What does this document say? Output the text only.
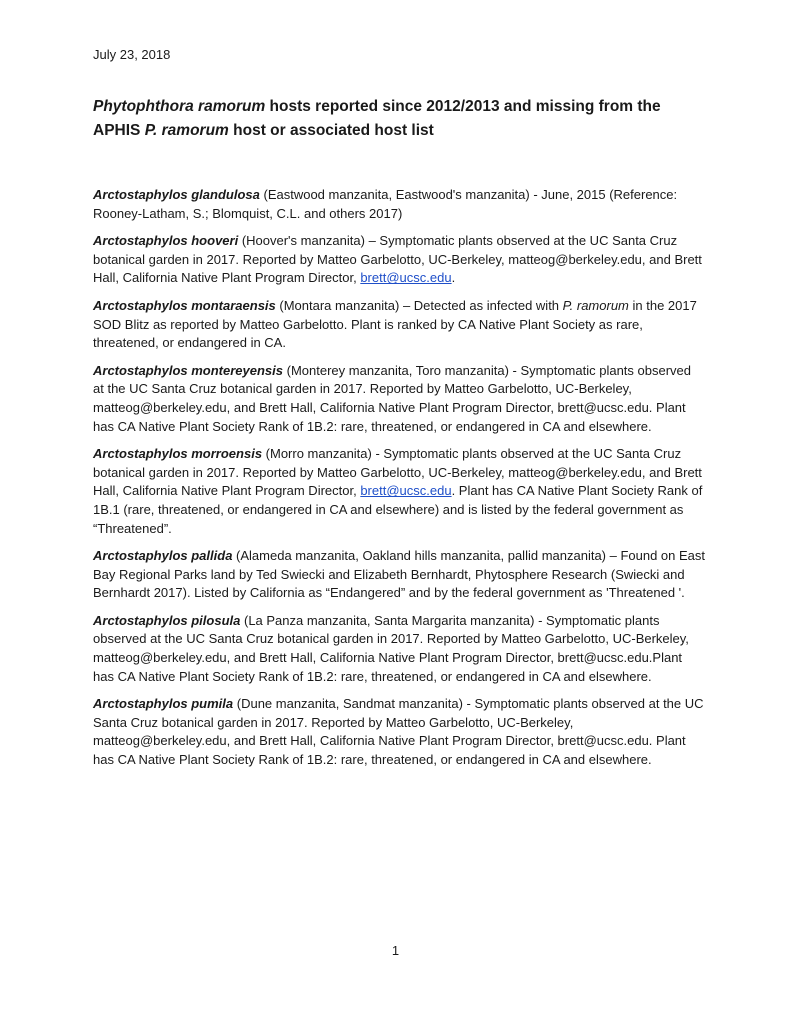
July 23, 2018
Phytophthora ramorum hosts reported since 2012/2013 and missing from the APHIS P. ramorum host or associated host list

Arctostaphylos glandulosa (Eastwood manzanita, Eastwood's manzanita) - June, 2015 (Reference: Rooney-Latham, S.; Blomquist, C.L. and others 2017)

Arctostaphylos hooveri (Hoover's manzanita) – Symptomatic plants observed at the UC Santa Cruz botanical garden in 2017. Reported by Matteo Garbelotto, UC-Berkeley, matteog@berkeley.edu, and Brett Hall, California Native Plant Program Director, brett@ucsc.edu.

Arctostaphylos montaraensis (Montara manzanita) – Detected as infected with P. ramorum in the 2017 SOD Blitz as reported by Matteo Garbelotto. Plant is ranked by CA Native Plant Society as rare, threatened, or endangered in CA.

Arctostaphylos montereyensis (Monterey manzanita, Toro manzanita) - Symptomatic plants observed at the UC Santa Cruz botanical garden in 2017. Reported by Matteo Garbelotto, UC-Berkeley, matteog@berkeley.edu, and Brett Hall, California Native Plant Program Director, brett@ucsc.edu. Plant has CA Native Plant Society Rank of 1B.2: rare, threatened, or endangered in CA and elsewhere.

Arctostaphylos morroensis (Morro manzanita) - Symptomatic plants observed at the UC Santa Cruz botanical garden in 2017. Reported by Matteo Garbelotto, UC-Berkeley, matteog@berkeley.edu, and Brett Hall, California Native Plant Program Director, brett@ucsc.edu. Plant has CA Native Plant Society Rank of 1B.1 (rare, threatened, or endangered in CA and elsewhere) and is listed by the federal government as “Threatened”.

Arctostaphylos pallida (Alameda manzanita, Oakland hills manzanita, pallid manzanita) – Found on East Bay Regional Parks land by Ted Swiecki and Elizabeth Bernhardt, Phytosphere Research (Swiecki and Bernhardt 2017). Listed by California as “Endangered” and by the federal government as 'Threatened '.

Arctostaphylos pilosula (La Panza manzanita, Santa Margarita manzanita) - Symptomatic plants observed at the UC Santa Cruz botanical garden in 2017. Reported by Matteo Garbelotto, UC-Berkeley, matteog@berkeley.edu, and Brett Hall, California Native Plant Program Director, brett@ucsc.edu.Plant has CA Native Plant Society Rank of 1B.2: rare, threatened, or endangered in CA and elsewhere.

Arctostaphylos pumila (Dune manzanita, Sandmat manzanita) - Symptomatic plants observed at the UC Santa Cruz botanical garden in 2017. Reported by Matteo Garbelotto, UC-Berkeley, matteog@berkeley.edu, and Brett Hall, California Native Plant Program Director, brett@ucsc.edu. Plant has CA Native Plant Society Rank of 1B.2: rare, threatened, or endangered in CA and elsewhere.

1
